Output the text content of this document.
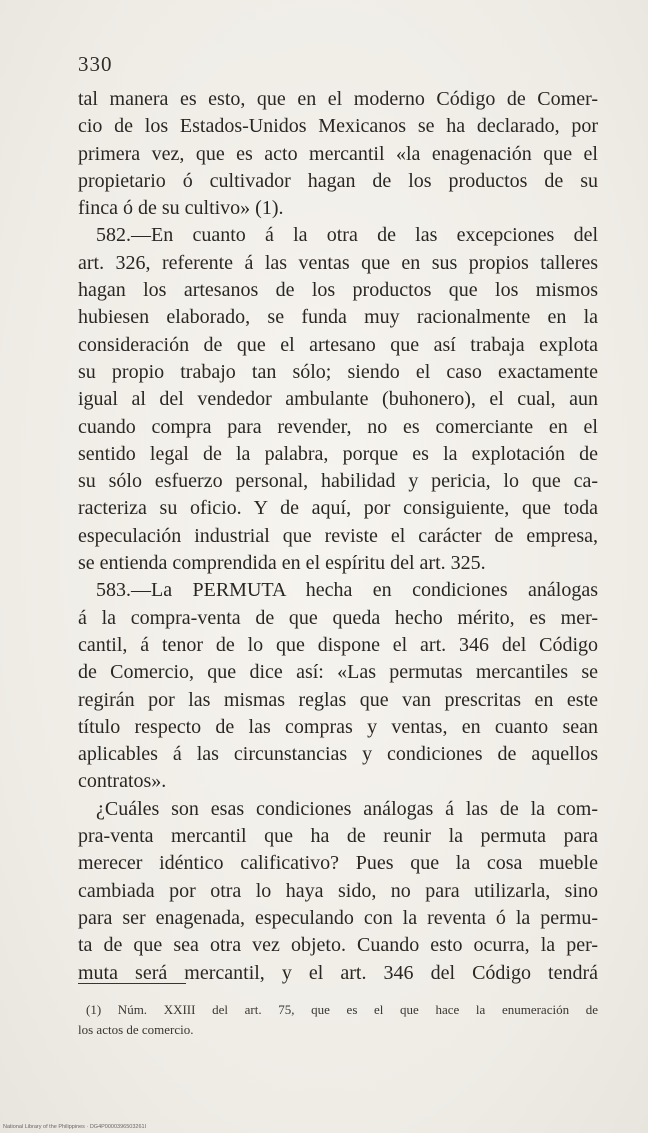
330
tal manera es esto, que en el moderno Código de Comer-
cio de los Estados-Unidos Mexicanos se ha declarado, por
primera vez, que es acto mercantil «la enagenación que el
propietario ó cultivador hagan de los productos de su
finca ó de su cultivo» (1).
582.—En cuanto á la otra de las excepciones del
art. 326, referente á las ventas que en sus propios talleres
hagan los artesanos de los productos que los mismos
hubiesen elaborado, se funda muy racionalmente en la
consideración de que el artesano que así trabaja explota
su propio trabajo tan sólo; siendo el caso exactamente
igual al del vendedor ambulante (buhonero), el cual, aun
cuando compra para revender, no es comerciante en el
sentido legal de la palabra, porque es la explotación de
su sólo esfuerzo personal, habilidad y pericia, lo que ca-
racteriza su oficio. Y de aquí, por consiguiente, que toda
especulación industrial que reviste el carácter de empresa,
se entienda comprendida en el espíritu del art. 325.
583.—La PERMUTA hecha en condiciones análogas
á la compra-venta de que queda hecho mérito, es mer-
cantil, á tenor de lo que dispone el art. 346 del Código
de Comercio, que dice así: «Las permutas mercantiles se
regirán por las mismas reglas que van prescritas en este
título respecto de las compras y ventas, en cuanto sean
aplicables á las circunstancias y condiciones de aquellos
contratos».
¿Cuáles son esas condiciones análogas á las de la com-
pra-venta mercantil que ha de reunir la permuta para
merecer idéntico calificativo? Pues que la cosa mueble
cambiada por otra lo haya sido, no para utilizarla, sino
para ser enagenada, especulando con la reventa ó la permu-
ta de que sea otra vez objeto. Cuando esto ocurra, la per-
muta será mercantil, y el art. 346 del Código tendrá
(1) Núm. XXIII del art. 75, que es el que hace la enumeración de
los actos de comercio.
National Library of the Philippines · DG4P0000396503261I
